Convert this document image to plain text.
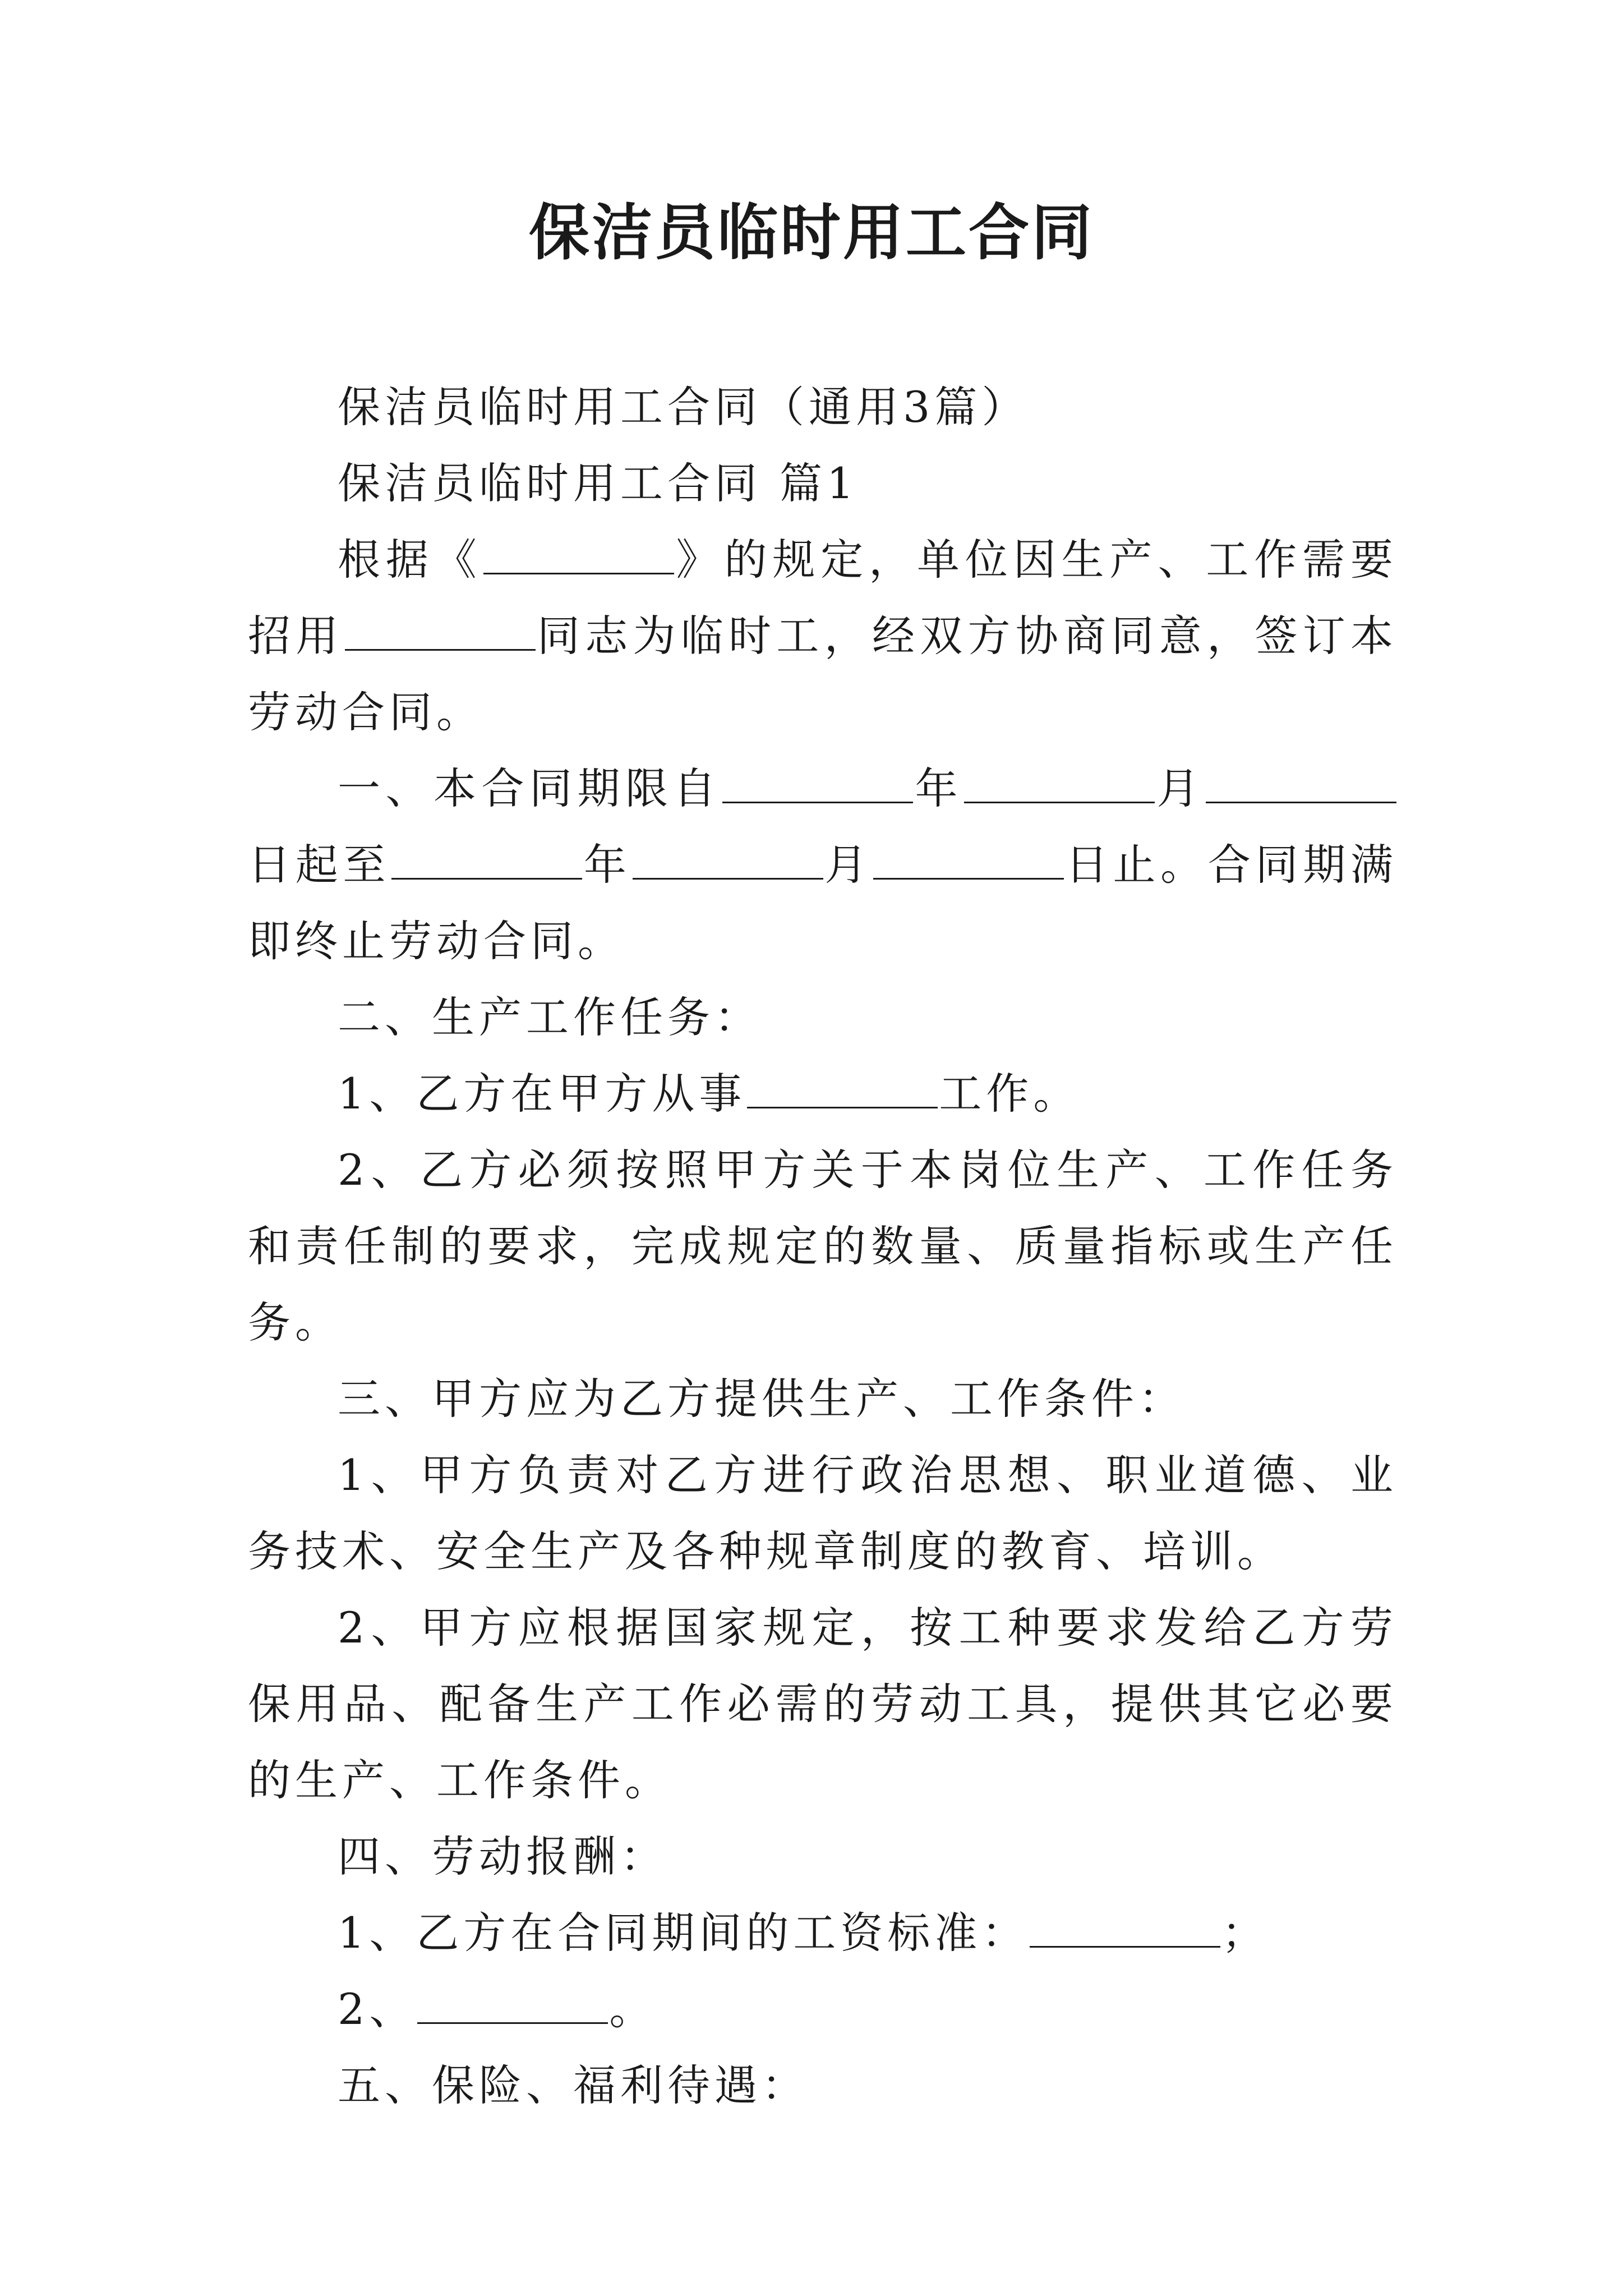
保洁员临时用工合同

保洁员临时用工合同（通用3篇）

保洁员临时用工合同 篇1

根据《	》的规定，单位因生产、工作需要招用	同志为临时工，经双方协商同意，签订本劳动合同。

一、本合同期限自	年	月日起至	年	月	日止。合同期满即终止劳动合同。

二、生产工作任务：

1、乙方在甲方从事	工作。

2、乙方必须按照甲方关于本岗位生产、工作任务和责任制的要求，完成规定的数量、质量指标或生产任务。

三、甲方应为乙方提供生产、工作条件：

1、甲方负责对乙方进行政治思想、职业道德、业务技术、安全生产及各种规章制度的教育、培训。

2、甲方应根据国家规定，按工种要求发给乙方劳保用品、配备生产工作必需的劳动工具，提供其它必要的生产、工作条件。

四、劳动报酬：

1、乙方在合同期间的工资标准：	；

2、	。

五、保险、福利待遇：
